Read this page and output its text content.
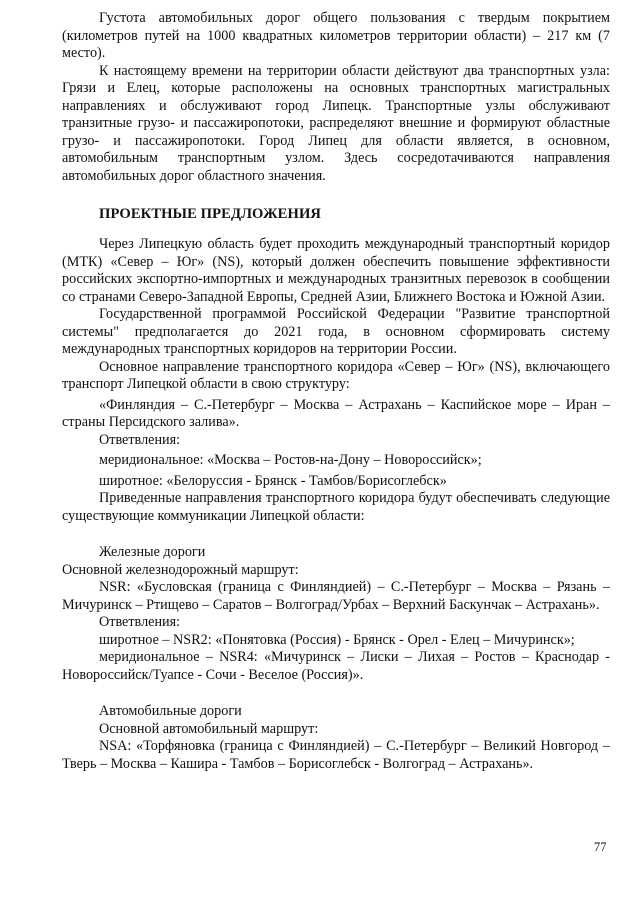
Густота автомобильных дорог общего пользования с твердым покрытием (километров путей на 1000 квадратных километров территории области) – 217 км (7 место).

К настоящему времени на территории области действуют два транспортных узла: Грязи и Елец, которые расположены на основных транспортных магистральных направлениях и обслуживают город Липецк. Транспортные узлы обслуживают транзитные грузо- и пассажиропотоки, распределяют внешние и формируют областные грузо- и пассажиропотоки. Город Липец для области является, в основном, автомобильным транспортным узлом. Здесь сосредотачиваются направления автомобильных дорог областного значения.

ПРОЕКТНЫЕ ПРЕДЛОЖЕНИЯ

Через Липецкую область будет проходить международный транспортный коридор (МТК) «Север – Юг» (NS), который должен обеспечить повышение эффективности российских экспортно-импортных и международных транзитных перевозок в сообщении со странами Северо-Западной Европы, Средней Азии, Ближнего Востока и Южной Азии.

Государственной программой Российской Федерации "Развитие транспортной системы" предполагается до 2021 года, в основном сформировать систему международных транспортных коридоров на территории России.

Основное направление транспортного коридора «Север – Юг» (NS), включающего транспорт Липецкой области в свою структуру:

«Финляндия – С.-Петербург – Москва – Астрахань – Каспийское море – Иран – страны Персидского залива».

Ответвления:

меридиональное: «Москва – Ростов-на-Дону – Новороссийск»;

широтное: «Белоруссия - Брянск - Тамбов/Борисоглебск»

Приведенные направления транспортного коридора будут обеспечивать следующие существующие коммуникации Липецкой области:

Железные дороги

Основной железнодорожный маршрут:

NSR: «Бусловская (граница с Финляндией) – С.-Петербург – Москва – Рязань – Мичуринск – Ртищево – Саратов – Волгоград/Урбах – Верхний Баскунчак – Астрахань».

Ответвления:

широтное – NSR2: «Понятовка (Россия) - Брянск - Орел - Елец – Мичуринск»;

меридиональное – NSR4: «Мичуринск – Лиски – Лихая – Ростов – Краснодар - Новороссийск/Туапсе - Сочи - Веселое (Россия)».

Автомобильные дороги

Основной автомобильный маршрут:

NSA: «Торфяновка (граница с Финляндией) – С.-Петербург – Великий Новгород – Тверь – Москва – Кашира - Тамбов – Борисоглебск - Волгоград – Астрахань».

77
